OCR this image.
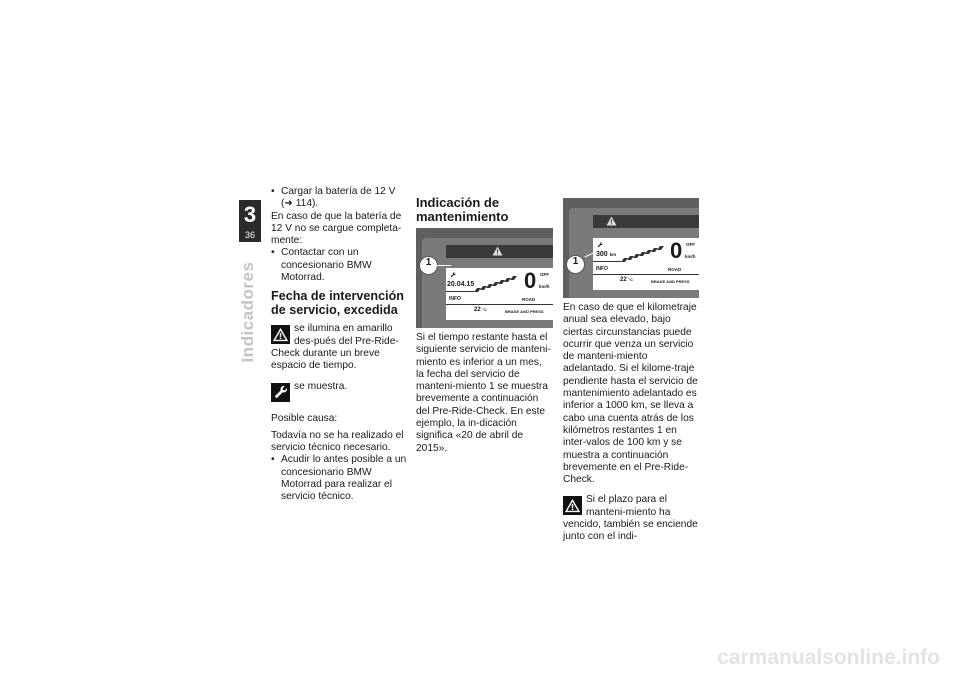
3
36
Indicadores

• Cargar la batería de 12 V (➜ 114).

En caso de que la batería de 12 V no se cargue completa-mente:

• Contactar con un concesionario BMW Motorrad.

Fecha de intervención de servicio, excedida

se ilumina en amarillo des-pués del Pre-Ride-Check durante un breve espacio de tiempo.

se muestra.

Posible causa:

Todavía no se ha realizado el servicio técnico necesario.

• Acudir lo antes posible a un concesionario BMW Motorrad para realizar el servicio técnico.

Indicación de mantenimiento
20.04.15
INFO
0 OFF
km/h
ROAD
22 °C	BRAKE AND PRESS
1

Si el tiempo restante hasta el siguiente servicio de manteni-miento es inferior a un mes, la fecha del servicio de manteni-miento 1 se muestra brevemente a continuación del Pre-Ride-Check. En este ejemplo, la in-dicación significa «20 de abril de 2015».

300 km
INFO
0 OFF
km/h
ROAD
22 °C	BRAKE AND PRESS
1

En caso de que el kilometraje anual sea elevado, bajo ciertas circunstancias puede ocurrir que venza un servicio de manteni-miento adelantado. Si el kilome-traje pendiente hasta el servicio de mantenimiento adelantado es inferior a 1000 km, se lleva a cabo una cuenta atrás de los kilómetros restantes 1 en inter-valos de 100 km y se muestra a continuación brevemente en el Pre-Ride-Check.

Si el plazo para el manteni-miento ha vencido, también se enciende junto con el indi-

carmanualsonline.info
